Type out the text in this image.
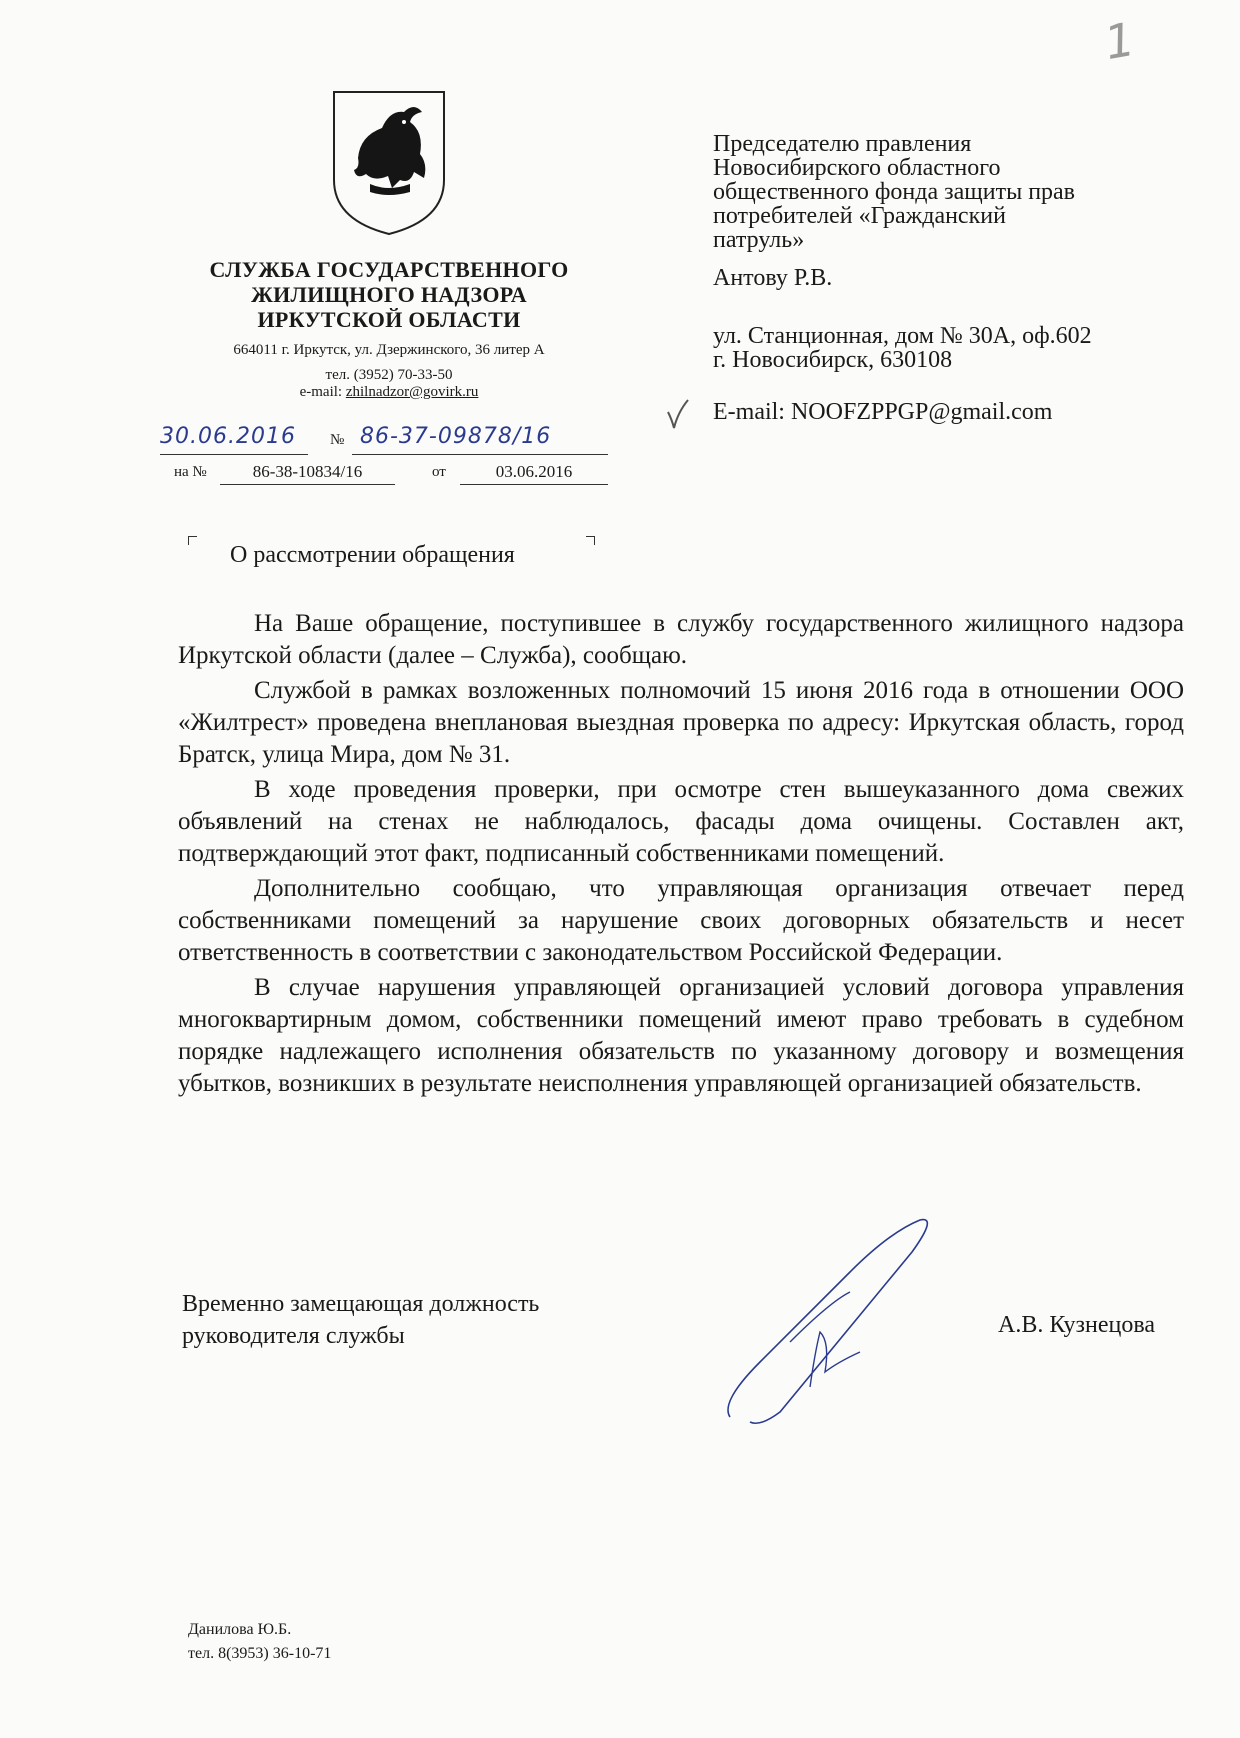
1
СЛУЖБА ГОСУДАРСТВЕННОГО
ЖИЛИЩНОГО НАДЗОРА
ИРКУТСКОЙ ОБЛАСТИ
664011 г. Иркутск, ул. Дзержинского, 36 литер А
тел. (3952) 70-33-50
e-mail: zhilnadzor@govirk.ru
30.06.2016 № 86-37-09878/16
на №	86-38-10834/16	от	03.06.2016
Председателю правления
Новосибирского областного
общественного фонда защиты прав
потребителей «Гражданский
патруль»
Антову Р.В.
ул. Станционная, дом № 30А, оф.602
г. Новосибирск, 630108
E-mail: NOOFZPPGP@gmail.com
О рассмотрении обращения

На Ваше обращение, поступившее в службу государственного жилищного надзора Иркутской области (далее – Служба), сообщаю.

Службой в рамках возложенных полномочий 15 июня 2016 года в отношении ООО «Жилтрест» проведена внеплановая выездная проверка по адресу: Иркутская область, город Братск, улица Мира, дом № 31.

В ходе проведения проверки, при осмотре стен вышеуказанного дома свежих объявлений на стенах не наблюдалось, фасады дома очищены. Составлен акт, подтверждающий этот факт, подписанный собственниками помещений.

Дополнительно сообщаю, что управляющая организация отвечает перед собственниками помещений за нарушение своих договорных обязательств и несет ответственность в соответствии с законодательством Российской Федерации.

В случае нарушения управляющей организацией условий договора управления многоквартирным домом, собственники помещений имеют право требовать в судебном порядке надлежащего исполнения обязательств по указанному договору и возмещения убытков, возникших в результате неисполнения управляющей организацией обязательств.

Временно замещающая должность
руководителя службы	А.В. Кузнецова
Данилова Ю.Б.
тел. 8(3953) 36-10-71
